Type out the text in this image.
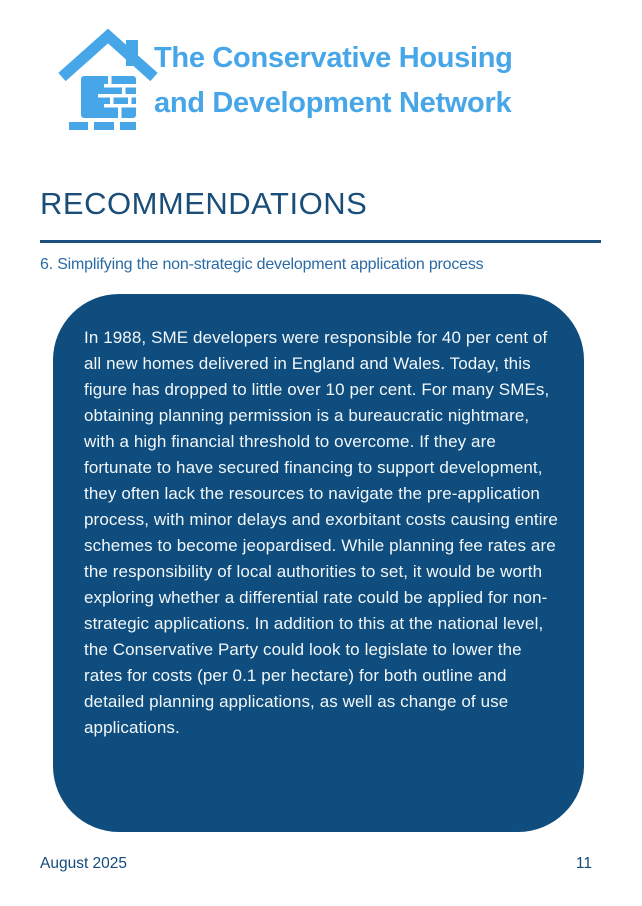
The Conservative Housing
and Development Network
RECOMMENDATIONS
6. Simplifying the non-strategic development application process

In 1988, SME developers were responsible for 40 per cent of all new homes delivered in England and Wales. Today, this figure has dropped to little over 10 per cent. For many SMEs, obtaining planning permission is a bureaucratic nightmare, with a high financial threshold to overcome. If they are fortunate to have secured financing to support development, they often lack the resources to navigate the pre-application process, with minor delays and exorbitant costs causing entire schemes to become jeopardised. While planning fee rates are the responsibility of local authorities to set, it would be worth exploring whether a differential rate could be applied for non-strategic applications. In addition to this at the national level, the Conservative Party could look to legislate to lower the rates for costs (per 0.1 per hectare) for both outline and detailed planning applications, as well as change of use applications.

August 2025	11
